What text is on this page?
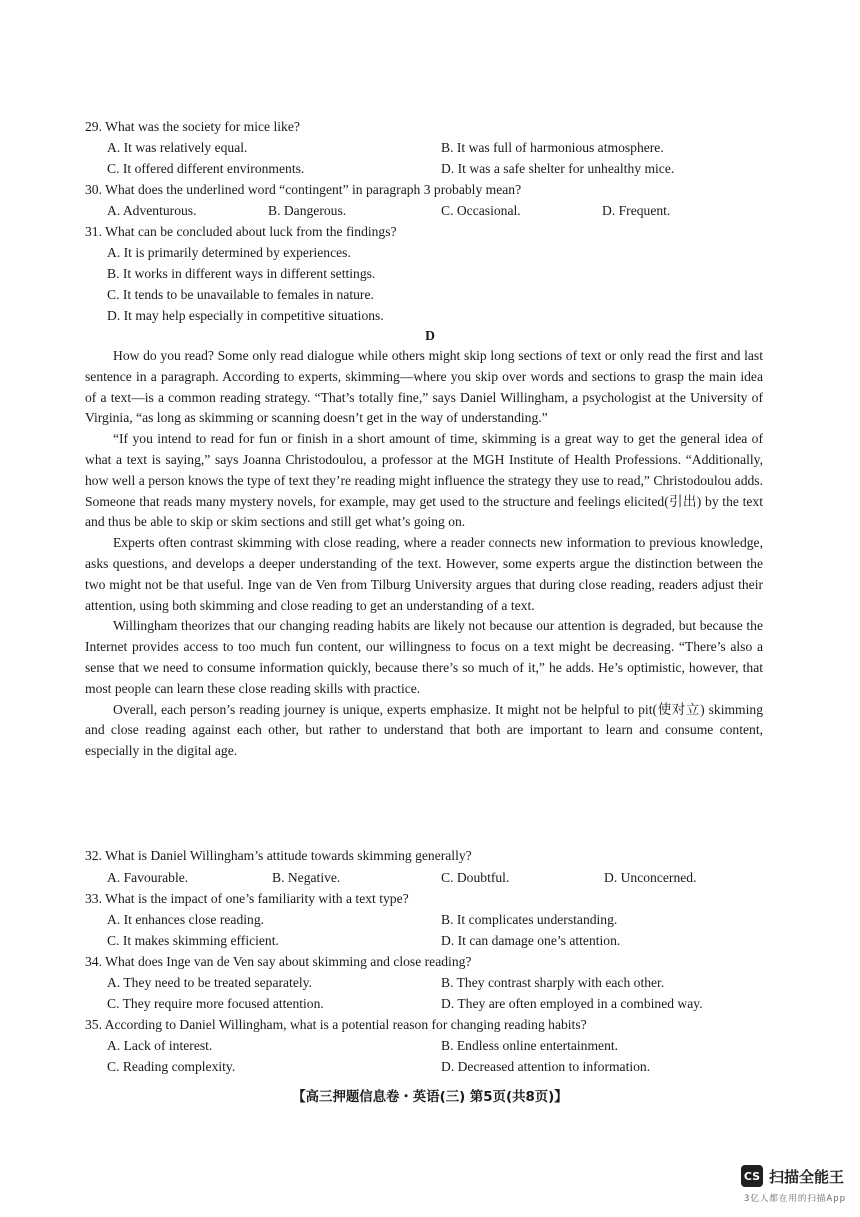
29. What was the society for mice like?
A. It was relatively equal.	B. It was full of harmonious atmosphere.
C. It offered different environments.	D. It was a safe shelter for unhealthy mice.
30. What does the underlined word “contingent” in paragraph 3 probably mean?
A. Adventurous.	B. Dangerous.	C. Occasional.	D. Frequent.
31. What can be concluded about luck from the findings?
A. It is primarily determined by experiences.
B. It works in different ways in different settings.
C. It tends to be unavailable to females in nature.
D. It may help especially in competitive situations.
D

How do you read? Some only read dialogue while others might skip long sections of text or only read the first and last sentence in a paragraph. According to experts, skimming—where you skip over words and sections to grasp the main idea of a text—is a common reading strategy. “That’s totally fine,” says Daniel Willingham, a psychologist at the University of Virginia, “as long as skimming or scanning doesn’t get in the way of understanding.”

“If you intend to read for fun or finish in a short amount of time, skimming is a great way to get the general idea of what a text is saying,” says Joanna Christodoulou, a professor at the MGH Institute of Health Professions. “Additionally, how well a person knows the type of text they’re reading might influence the strategy they use to read,” Christodoulou adds. Someone that reads many mystery novels, for example, may get used to the structure and feelings elicited(引出) by the text and thus be able to skip or skim sections and still get what’s going on.

Experts often contrast skimming with close reading, where a reader connects new information to previous knowledge, asks questions, and develops a deeper understanding of the text. However, some experts argue the distinction between the two might not be that useful. Inge van de Ven from Tilburg University argues that during close reading, readers adjust their attention, using both skimming and close reading to get an understanding of a text.

Willingham theorizes that our changing reading habits are likely not because our attention is degraded, but because the Internet provides access to too much fun content, our willingness to focus on a text might be decreasing. “There’s also a sense that we need to consume information quickly, because there’s so much of it,” he adds. He’s optimistic, however, that most people can learn these close reading skills with practice.

Overall, each person’s reading journey is unique, experts emphasize. It might not be helpful to pit(使对立) skimming and close reading against each other, but rather to understand that both are important to learn and consume content, especially in the digital age.

32. What is Daniel Willingham’s attitude towards skimming generally?
A. Favourable.	B. Negative.	C. Doubtful.	D. Unconcerned.
33. What is the impact of one’s familiarity with a text type?
A. It enhances close reading.	B. It complicates understanding.
C. It makes skimming efficient.	D. It can damage one’s attention.
34. What does Inge van de Ven say about skimming and close reading?
A. They need to be treated separately.	B. They contrast sharply with each other.
C. They require more focused attention.	D. They are often employed in a combined way.
35. According to Daniel Willingham, what is a potential reason for changing reading habits?
A. Lack of interest.	B. Endless online entertainment.
C. Reading complexity.	D. Decreased attention to information.
【高三押题信息卷・英语(三) 第5页(共8页)】
CS 扫描全能王
3亿人都在用的扫描App
